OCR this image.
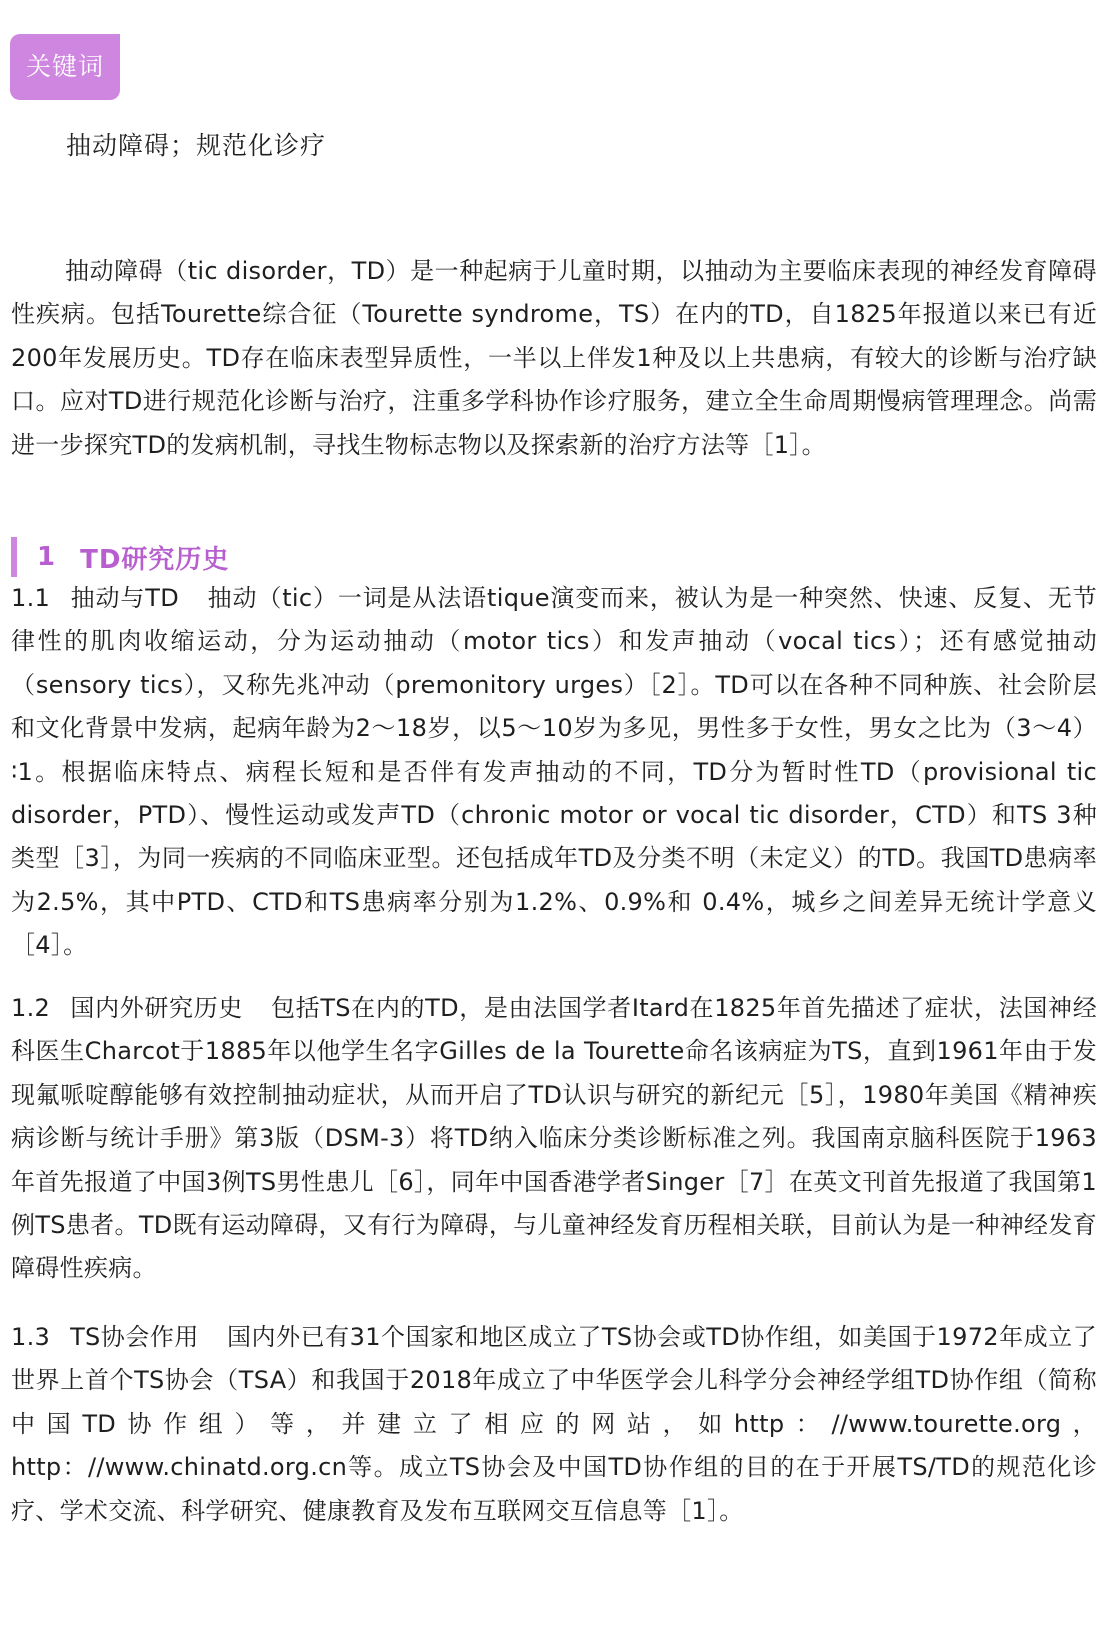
关键词
抽动障碍；规范化诊疗

抽动障碍（tic disorder，TD）是一种起病于儿童时期，以抽动为主要临床表现的神经发育障碍性疾病。包括Tourette综合征（Tourette syndrome，TS）在内的TD，自1825年报道以来已有近200年发展历史。TD存在临床表型异质性，一半以上伴发1种及以上共患病，有较大的诊断与治疗缺口。应对TD进行规范化诊断与治疗，注重多学科协作诊疗服务，建立全生命周期慢病管理理念。尚需进一步探究TD的发病机制，寻找生物标志物以及探索新的治疗方法等［1］。

1 TD研究历史

1.1 抽动与TD 抽动（tic）一词是从法语tique演变而来，被认为是一种突然、快速、反复、无节律性的肌肉收缩运动，分为运动抽动（motor tics）和发声抽动（vocal tics）；还有感觉抽动（sensory tics），又称先兆冲动（premonitory urges）［2］。TD可以在各种不同种族、社会阶层和文化背景中发病，起病年龄为2～18岁，以5～10岁为多见，男性多于女性，男女之比为（3～4）∶1。根据临床特点、病程长短和是否伴有发声抽动的不同，TD分为暂时性TD（provisional tic disorder，PTD）、慢性运动或发声TD（chronic motor or vocal tic disorder，CTD）和TS 3种类型［3］，为同一疾病的不同临床亚型。还包括成年TD及分类不明（未定义）的TD。我国TD患病率为2.5%，其中PTD、CTD和TS患病率分别为1.2%、0.9%和 0.4%，城乡之间差异无统计学意义［4］。

1.2 国内外研究历史 包括TS在内的TD，是由法国学者Itard在1825年首先描述了症状，法国神经科医生Charcot于1885年以他学生名字Gilles de la Tourette命名该病症为TS，直到1961年由于发现氟哌啶醇能够有效控制抽动症状，从而开启了TD认识与研究的新纪元［5］，1980年美国《精神疾病诊断与统计手册》第3版（DSM-3）将TD纳入临床分类诊断标准之列。我国南京脑科医院于1963年首先报道了中国3例TS男性患儿［6］，同年中国香港学者Singer［7］在英文刊首先报道了我国第1例TS患者。TD既有运动障碍，又有行为障碍，与儿童神经发育历程相关联，目前认为是一种神经发育障碍性疾病。

1.3 TS协会作用 国内外已有31个国家和地区成立了TS协会或TD协作组，如美国于1972年成立了世界上首个TS协会（TSA）和我国于2018年成立了中华医学会儿科学分会神经学组TD协作组（简称中国TD协作组）等，并建立了相应的网站，如http：//www.tourette.org，http：//www.chinatd.org.cn等。成立TS协会及中国TD协作组的目的在于开展TS/TD的规范化诊疗、学术交流、科学研究、健康教育及发布互联网交互信息等［1］。
